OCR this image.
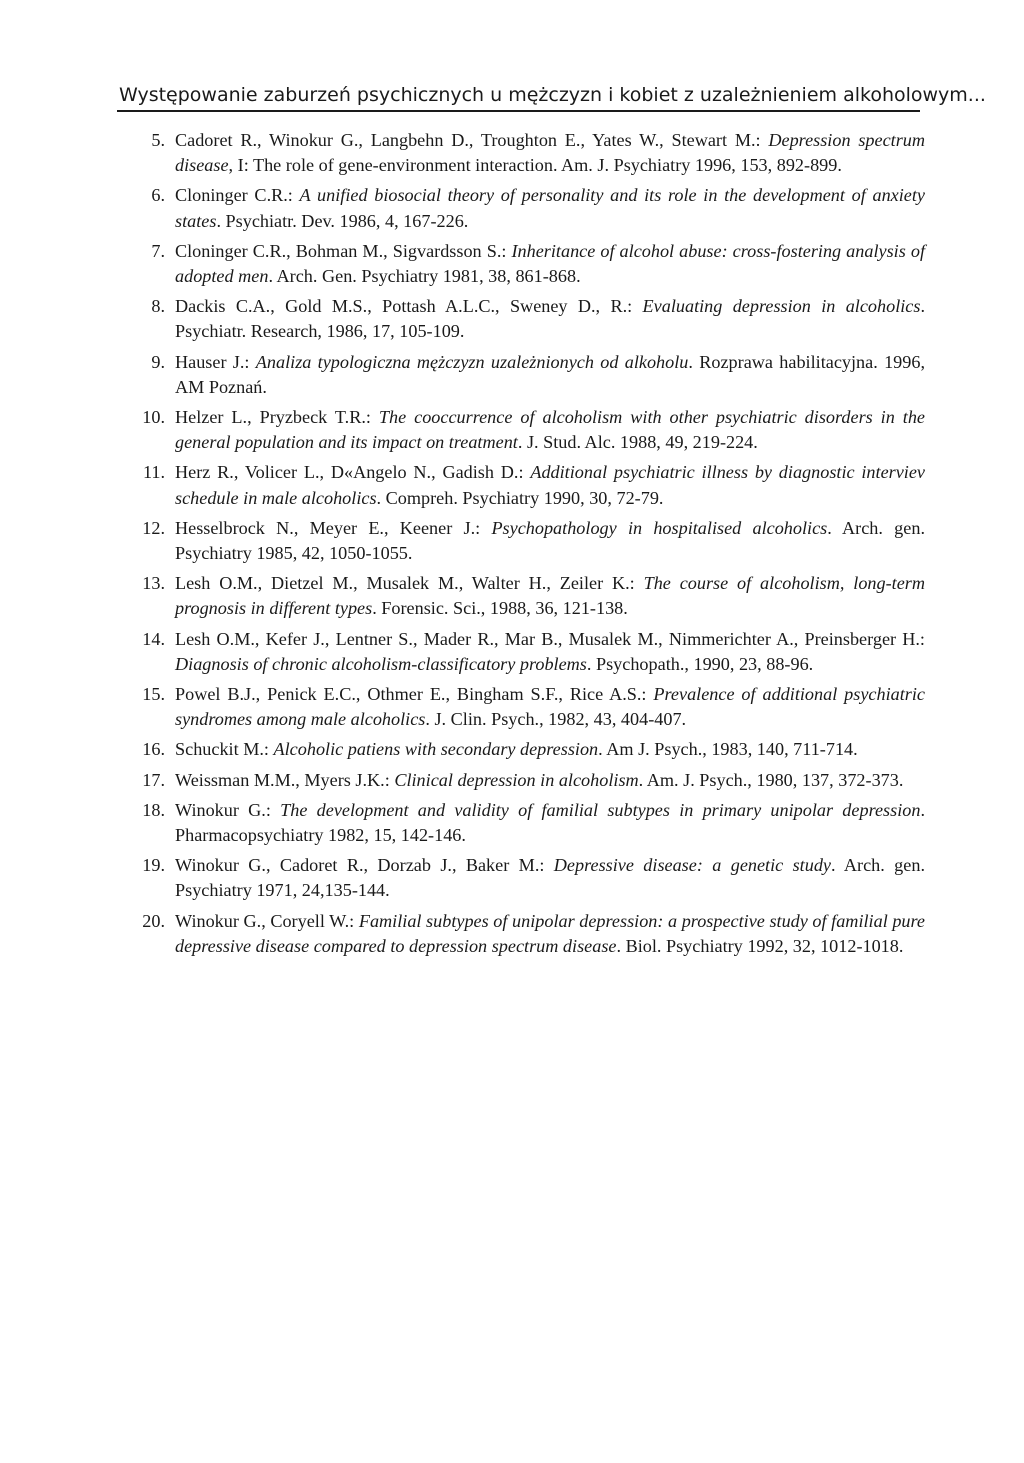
Występowanie zaburzeń psychicznych u mężczyzn i kobiet z uzależnieniem alkoholowym...
5. Cadoret R., Winokur G., Langbehn D., Troughton E., Yates W., Stewart M.: Depression spectrum disease, I: The role of gene-environment interaction. Am. J. Psychiatry 1996, 153, 892-899.
6. Cloninger C.R.: A unified biosocial theory of personality and its role in the development of anxiety states. Psychiatr. Dev. 1986, 4, 167-226.
7. Cloninger C.R., Bohman M., Sigvardsson S.: Inheritance of alcohol abuse: cross-fostering analysis of adopted men. Arch. Gen. Psychiatry 1981, 38, 861-868.
8. Dackis C.A., Gold M.S., Pottash A.L.C., Sweney D., R.: Evaluating depression in alcoholics. Psychiatr. Research, 1986, 17, 105-109.
9. Hauser J.: Analiza typologiczna mężczyzn uzależnionych od alkoholu. Rozprawa habilitacyjna. 1996, AM Poznań.
10. Helzer L., Pryzbeck T.R.: The cooccurrence of alcoholism with other psychiatric disorders in the general population and its impact on treatment. J. Stud. Alc. 1988, 49, 219-224.
11. Herz R., Volicer L., D«Angelo N., Gadish D.: Additional psychiatric illness by diagnostic interviev schedule in male alcoholics. Compreh. Psychiatry 1990, 30, 72-79.
12. Hesselbrock N., Meyer E., Keener J.: Psychopathology in hospitalised alcoholics. Arch. gen. Psychiatry 1985, 42, 1050-1055.
13. Lesh O.M., Dietzel M., Musalek M., Walter H., Zeiler K.: The course of alcoholism, long-term prognosis in different types. Forensic. Sci., 1988, 36, 121-138.
14. Lesh O.M., Kefer J., Lentner S., Mader R., Mar B., Musalek M., Nimmerichter A., Preinsberger H.: Diagnosis of chronic alcoholism-classificatory problems. Psychopath., 1990, 23, 88-96.
15. Powel B.J., Penick E.C., Othmer E., Bingham S.F., Rice A.S.: Prevalence of additional psychiatric syndromes among male alcoholics. J. Clin. Psych., 1982, 43, 404-407.
16. Schuckit M.: Alcoholic patiens with secondary depression. Am J. Psych., 1983, 140, 711-714.
17. Weissman M.M., Myers J.K.: Clinical depression in alcoholism. Am. J. Psych., 1980, 137, 372-373.
18. Winokur G.: The development and validity of familial subtypes in primary unipolar depression. Pharmacopsychiatry 1982, 15, 142-146.
19. Winokur G., Cadoret R., Dorzab J., Baker M.: Depressive disease: a genetic study. Arch. gen. Psychiatry 1971, 24,135-144.
20. Winokur G., Coryell W.: Familial subtypes of unipolar depression: a prospective study of familial pure depressive disease compared to depression spectrum disease. Biol. Psychiatry 1992, 32, 1012-1018.
